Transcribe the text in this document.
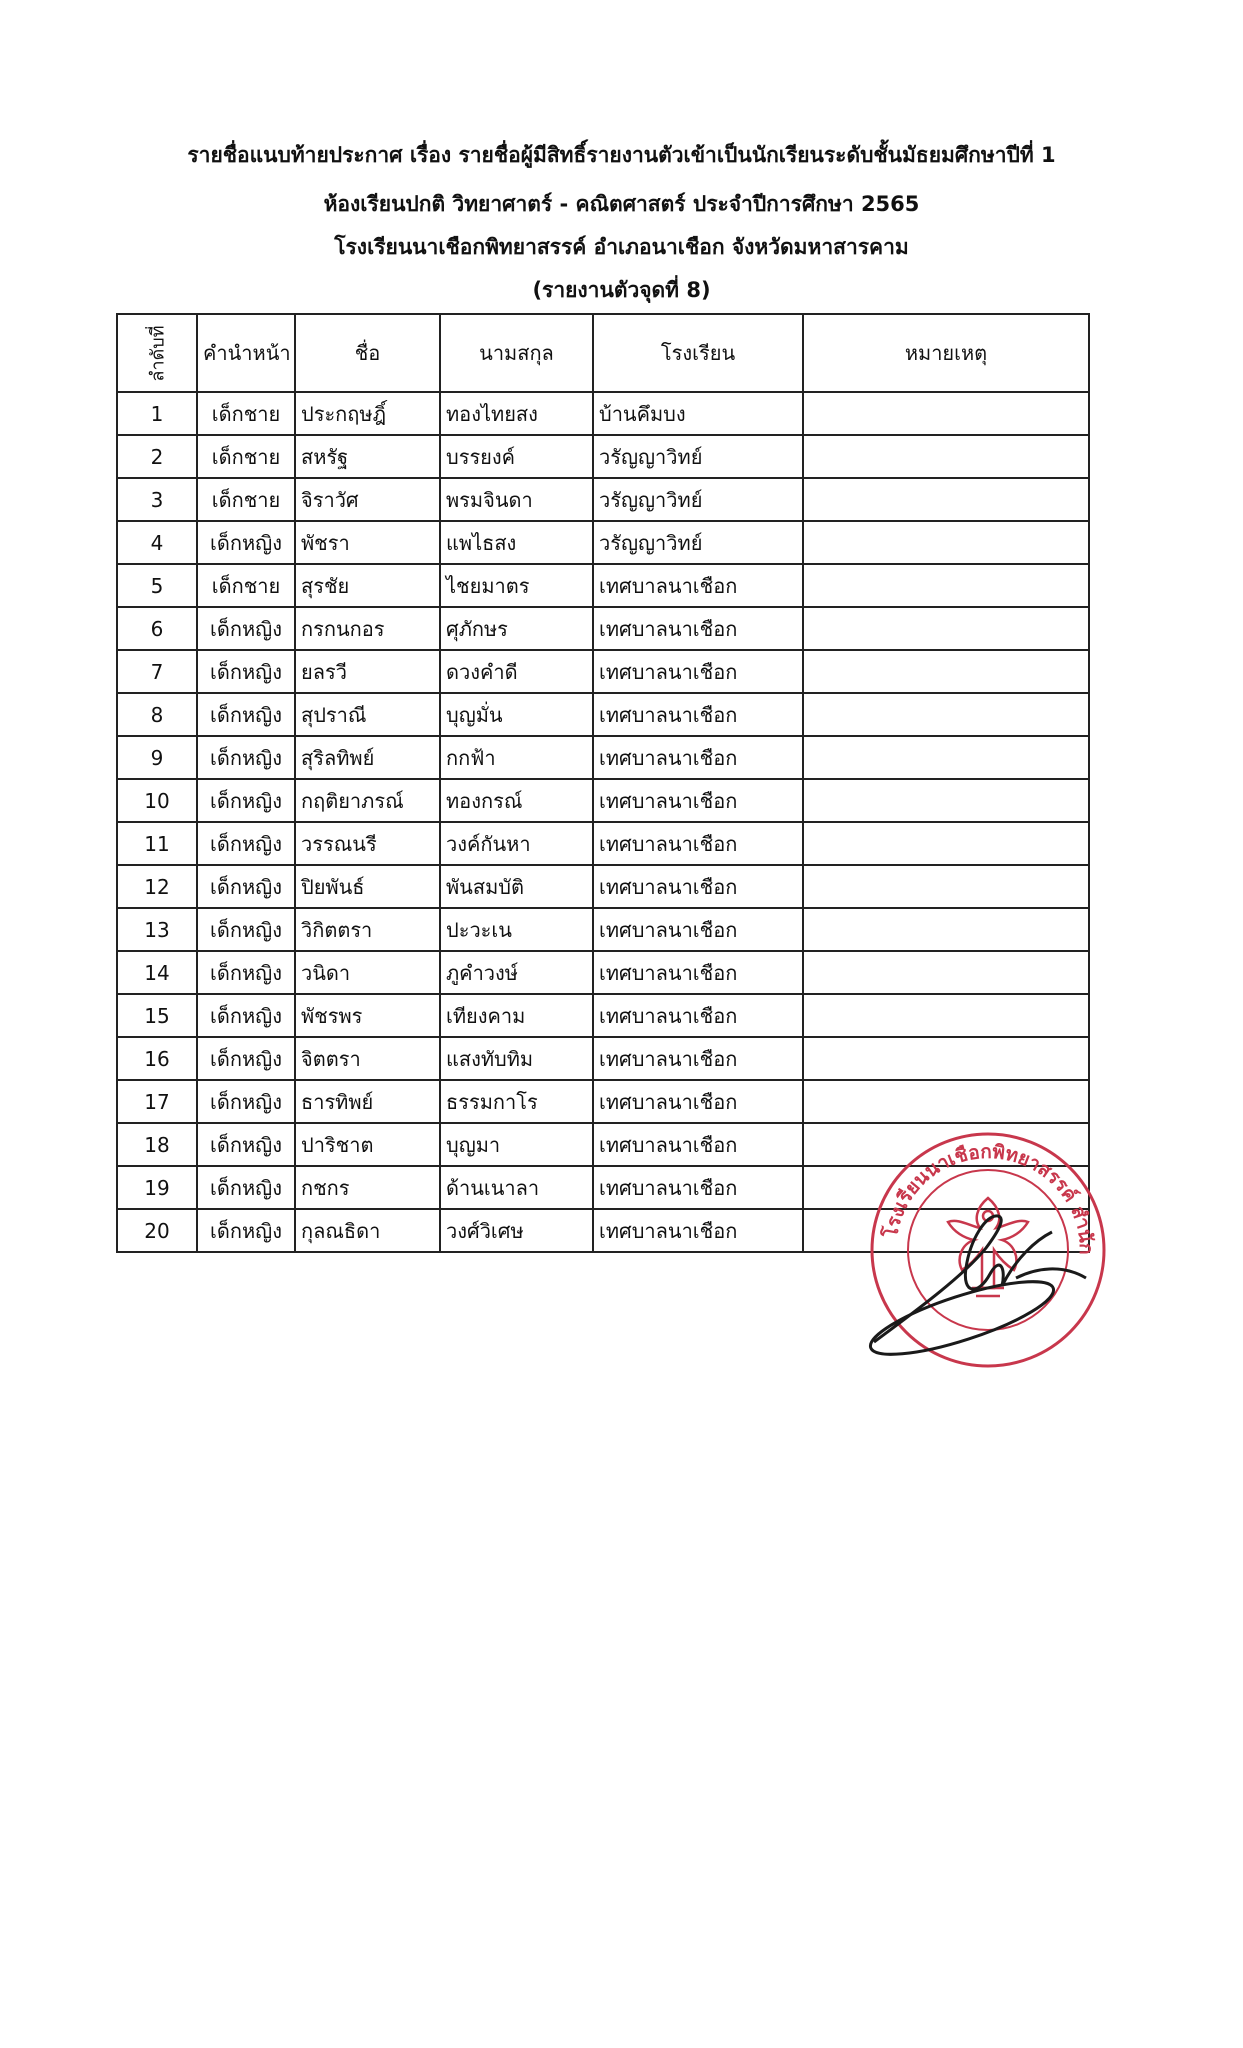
รายชื่อแนบท้ายประกาศ เรื่อง รายชื่อผู้มีสิทธิ์รายงานตัวเข้าเป็นนักเรียนระดับชั้นมัธยมศึกษาปีที่ 1
ห้องเรียนปกติ วิทยาศาตร์ - คณิตศาสตร์ ประจำปีการศึกษา 2565
โรงเรียนนาเชือกพิทยาสรรค์ อำเภอนาเชือก จังหวัดมหาสารคาม
(รายงานตัวจุดที่ 8)
ลำดับที่	คำนำหน้า	ชื่อ	นามสกุล	โรงเรียน	หมายเหตุ
1	เด็กชาย	ประกฤษฎิ์	ทองไทยสง	บ้านคึมบง	
2	เด็กชาย	สหรัฐ	บรรยงค์	วรัญญาวิทย์	
3	เด็กชาย	จิราวัศ	พรมจินดา	วรัญญาวิทย์	
4	เด็กหญิง	พัชรา	แพไธสง	วรัญญาวิทย์	
5	เด็กชาย	สุรชัย	ไชยมาตร	เทศบาลนาเชือก	
6	เด็กหญิง	กรกนกอร	ศุภักษร	เทศบาลนาเชือก	
7	เด็กหญิง	ยลรวี	ดวงคำดี	เทศบาลนาเชือก	
8	เด็กหญิง	สุปราณี	บุญมั่น	เทศบาลนาเชือก	
9	เด็กหญิง	สุริลทิพย์	กกฟ้า	เทศบาลนาเชือก	
10	เด็กหญิง	กฤติยาภรณ์	ทองกรณ์	เทศบาลนาเชือก	
11	เด็กหญิง	วรรณนรี	วงค์กันหา	เทศบาลนาเชือก	
12	เด็กหญิง	ปิยพันธ์	พันสมบัติ	เทศบาลนาเชือก	
13	เด็กหญิง	วิกิตตรา	ปะวะเน	เทศบาลนาเชือก	
14	เด็กหญิง	วนิดา	ภูคำวงษ์	เทศบาลนาเชือก	
15	เด็กหญิง	พัชรพร	เทียงคาม	เทศบาลนาเชือก	
16	เด็กหญิง	จิตตรา	แสงทับทิม	เทศบาลนาเชือก	
17	เด็กหญิง	ธารทิพย์	ธรรมกาโร	เทศบาลนาเชือก	
18	เด็กหญิง	ปาริชาต	บุญมา	เทศบาลนาเชือก	
19	เด็กหญิง	กชกร	ด้านเนาลา	เทศบาลนาเชือก	
20	เด็กหญิง	กุลณธิดา	วงศ์วิเศษ	เทศบาลนาเชือก		โรงเรียนนาเชือกพิทยาสรรค์ สำนัก
